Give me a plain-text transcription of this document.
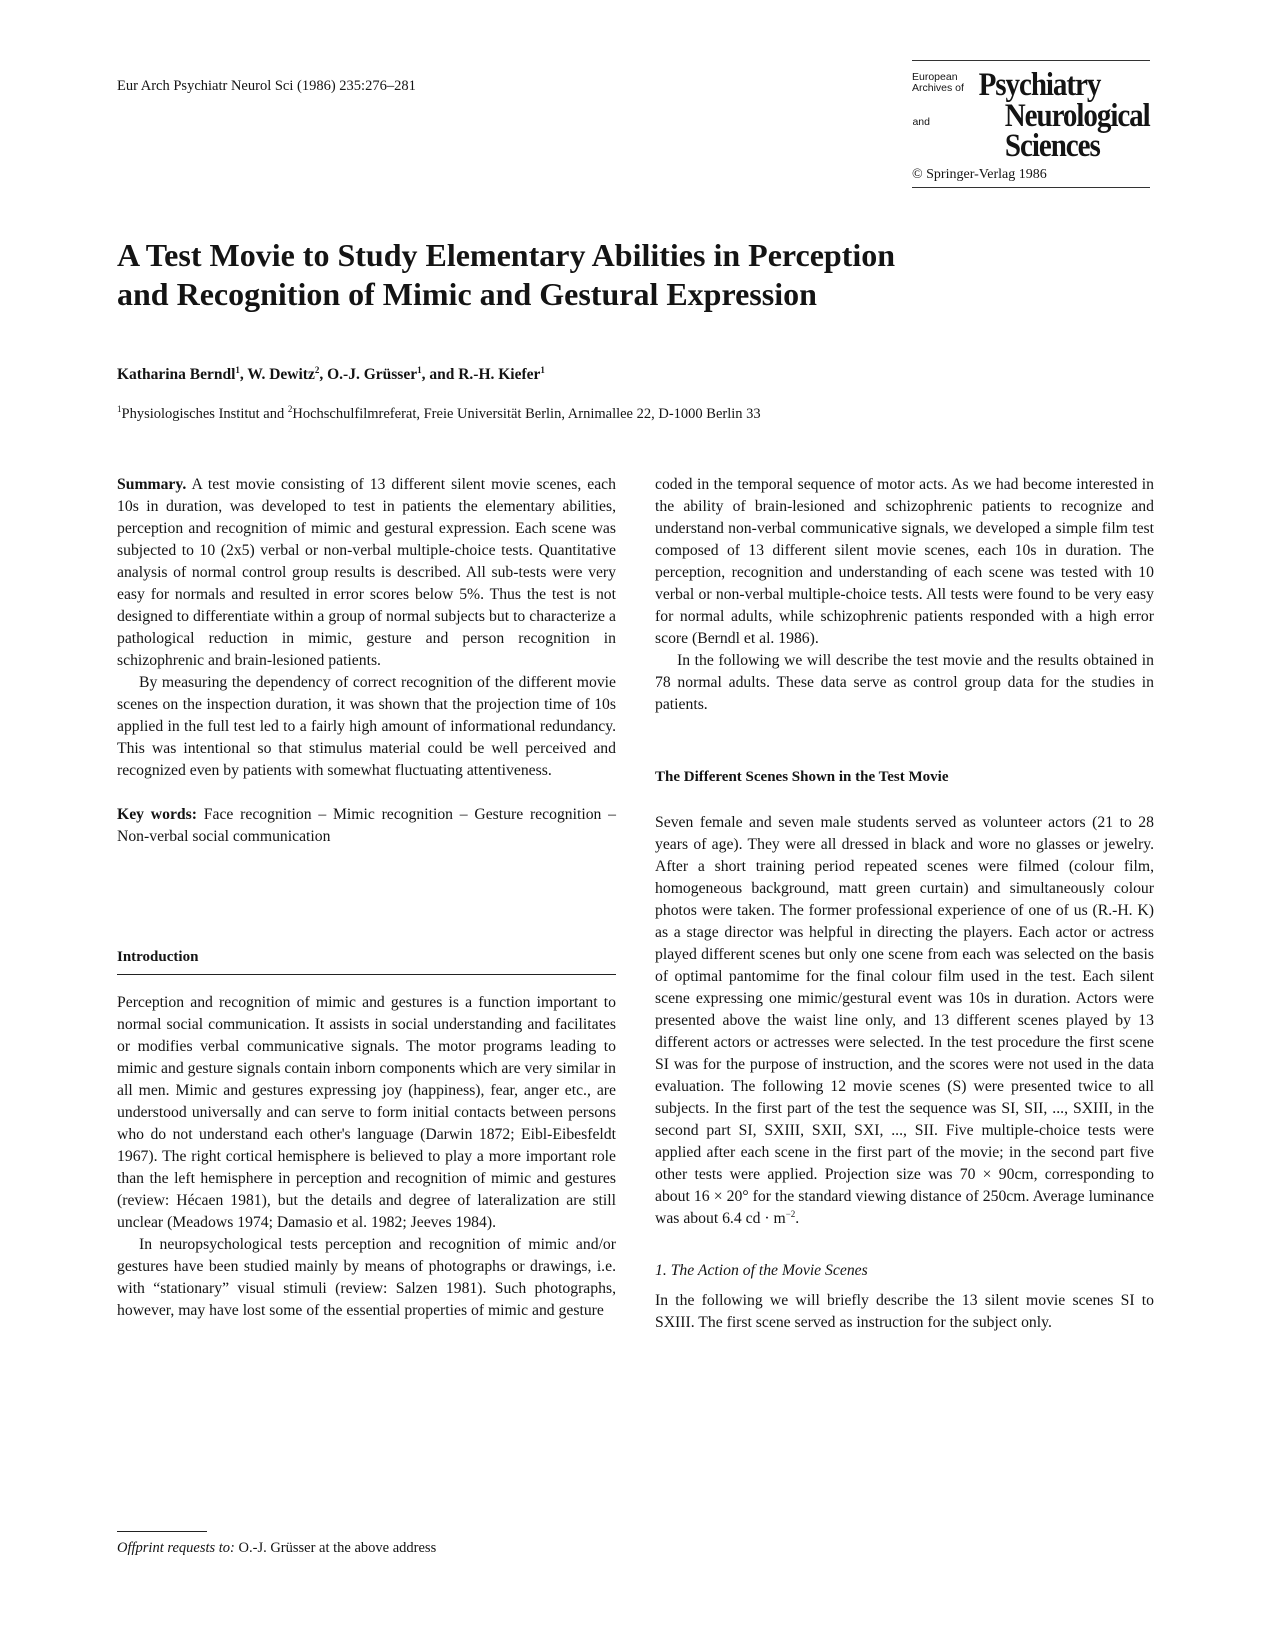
Eur Arch Psychiatr Neurol Sci (1986) 235:276–281
European
Archives of Psychiatry
and Neurological
Sciences
© Springer-Verlag 1986
A Test Movie to Study Elementary Abilities in Perception
and Recognition of Mimic and Gestural Expression
Katharina Berndl$^1$, W. Dewitz$^2$, O.-J. Grüsser$^1$, and R.-H. Kiefer$^1$
$^1$Physiologisches Institut and $^2$Hochschulfilmreferat, Freie Universität Berlin, Arnimallee 22, D-1000 Berlin 33

Summary. A test movie consisting of 13 different silent movie scenes, each 10s in duration, was developed to test in patients the elementary abilities, perception and recognition of mimic and gestural expression. Each scene was subjected to 10 (2x5) verbal or non-verbal multiple-choice tests. Quantitative analysis of normal control group results is described. All sub-tests were very easy for normals and resulted in error scores below 5%. Thus the test is not designed to differentiate within a group of normal subjects but to characterize a pathological reduction in mimic, gesture and person recognition in schizophrenic and brain-lesioned patients.

By measuring the dependency of correct recognition of the different movie scenes on the inspection duration, it was shown that the projection time of 10s applied in the full test led to a fairly high amount of informational redundancy. This was intentional so that stimulus material could be well perceived and recognized even by patients with somewhat fluctuating attentiveness.

Key words: Face recognition – Mimic recognition – Gesture recognition – Non-verbal social communication

Introduction

Perception and recognition of mimic and gestures is a function important to normal social communication. It assists in social understanding and facilitates or modifies verbal communicative signals. The motor programs leading to mimic and gesture signals contain inborn components which are very similar in all men. Mimic and gestures expressing joy (happiness), fear, anger etc., are understood universally and can serve to form initial contacts between persons who do not understand each other's language (Darwin 1872; Eibl-Eibesfeldt 1967). The right cortical hemisphere is believed to play a more important role than the left hemisphere in perception and recognition of mimic and gestures (review: Hécaen 1981), but the details and degree of lateralization are still unclear (Meadows 1974; Damasio et al. 1982; Jeeves 1984).

In neuropsychological tests perception and recognition of mimic and/or gestures have been studied mainly by means of photographs or drawings, i.e. with “stationary” visual stimuli (review: Salzen 1981). Such photographs, however, may have lost some of the essential properties of mimic and gesture

coded in the temporal sequence of motor acts. As we had become interested in the ability of brain-lesioned and schizophrenic patients to recognize and understand non-verbal communicative signals, we developed a simple film test composed of 13 different silent movie scenes, each 10s in duration. The perception, recognition and understanding of each scene was tested with 10 verbal or non-verbal multiple-choice tests. All tests were found to be very easy for normal adults, while schizophrenic patients responded with a high error score (Berndl et al. 1986).

In the following we will describe the test movie and the results obtained in 78 normal adults. These data serve as control group data for the studies in patients.

The Different Scenes Shown in the Test Movie

Seven female and seven male students served as volunteer actors (21 to 28 years of age). They were all dressed in black and wore no glasses or jewelry. After a short training period repeated scenes were filmed (colour film, homogeneous background, matt green curtain) and simultaneously colour photos were taken. The former professional experience of one of us (R.-H. K) as a stage director was helpful in directing the players. Each actor or actress played different scenes but only one scene from each was selected on the basis of optimal pantomime for the final colour film used in the test. Each silent scene expressing one mimic/gestural event was 10s in duration. Actors were presented above the waist line only, and 13 different scenes played by 13 different actors or actresses were selected. In the test procedure the first scene SI was for the purpose of instruction, and the scores were not used in the data evaluation. The following 12 movie scenes (S) were presented twice to all subjects. In the first part of the test the sequence was SI, SII, ..., SXIII, in the second part SI, SXIII, SXII, SXI, ..., SII. Five multiple-choice tests were applied after each scene in the first part of the movie; in the second part five other tests were applied. Projection size was 70 × 90cm, corresponding to about 16 × 20° for the standard viewing distance of 250cm. Average luminance was about 6.4 cd · $m^{-2}$.

1. The Action of the Movie Scenes

In the following we will briefly describe the 13 silent movie scenes SI to SXIII. The first scene served as instruction for the subject only.

Offprint requests to: O.-J. Grüsser at the above address
